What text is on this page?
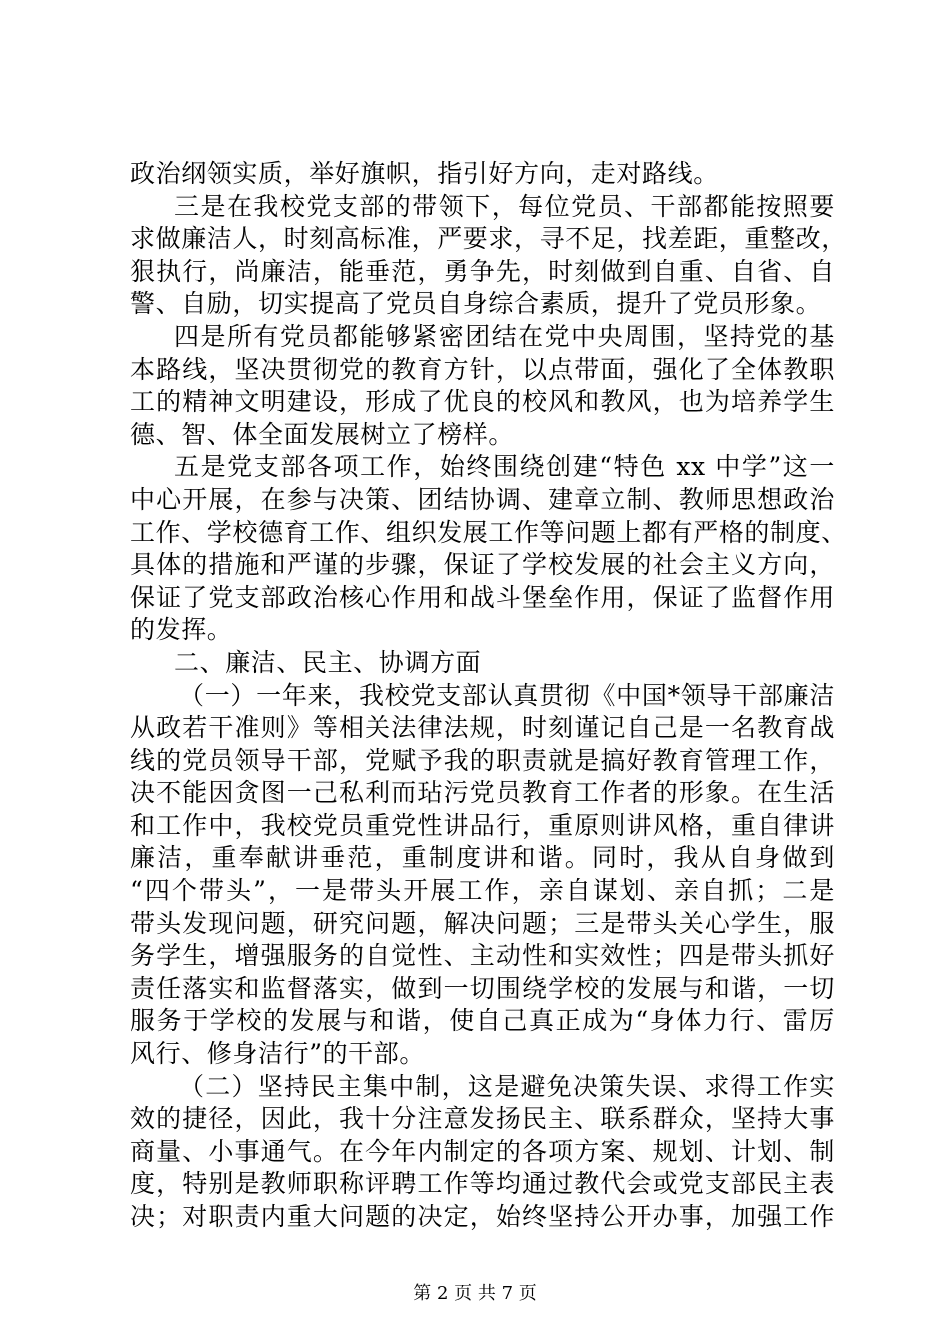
政治纲领实质，举好旗帜，指引好方向，走对路线。
三是在我校党支部的带领下，每位党员、干部都能按照要
求做廉洁人，时刻高标准，严要求，寻不足，找差距，重整改，
狠执行，尚廉洁，能垂范，勇争先，时刻做到自重、自省、自
警、自励，切实提高了党员自身综合素质，提升了党员形象。
四是所有党员都能够紧密团结在党中央周围，坚持党的基
本路线，坚决贯彻党的教育方针，以点带面，强化了全体教职
工的精神文明建设，形成了优良的校风和教风，也为培养学生
德、智、体全面发展树立了榜样。
五是党支部各项工作，始终围绕创建“特色 xx 中学”这一
中心开展，在参与决策、团结协调、建章立制、教师思想政治
工作、学校德育工作、组织发展工作等问题上都有严格的制度、
具体的措施和严谨的步骤，保证了学校发展的社会主义方向，
保证了党支部政治核心作用和战斗堡垒作用，保证了监督作用
的发挥。
二、廉洁、民主、协调方面
（一）一年来，我校党支部认真贯彻《中国*领导干部廉洁
从政若干准则》等相关法律法规，时刻谨记自己是一名教育战
线的党员领导干部，党赋予我的职责就是搞好教育管理工作，
决不能因贪图一己私利而玷污党员教育工作者的形象。在生活
和工作中，我校党员重党性讲品行，重原则讲风格，重自律讲
廉洁，重奉献讲垂范，重制度讲和谐。同时，我从自身做到
“四个带头”，一是带头开展工作，亲自谋划、亲自抓；二是
带头发现问题，研究问题，解决问题；三是带头关心学生，服
务学生，增强服务的自觉性、主动性和实效性；四是带头抓好
责任落实和监督落实，做到一切围绕学校的发展与和谐，一切
服务于学校的发展与和谐，使自己真正成为“身体力行、雷厉
风行、修身洁行”的干部。
（二）坚持民主集中制，这是避免决策失误、求得工作实
效的捷径，因此，我十分注意发扬民主、联系群众，坚持大事
商量、小事通气。在今年内制定的各项方案、规划、计划、制
度，特别是教师职称评聘工作等均通过教代会或党支部民主表
决；对职责内重大问题的决定，始终坚持公开办事，加强工作
第 2 页 共 7 页
